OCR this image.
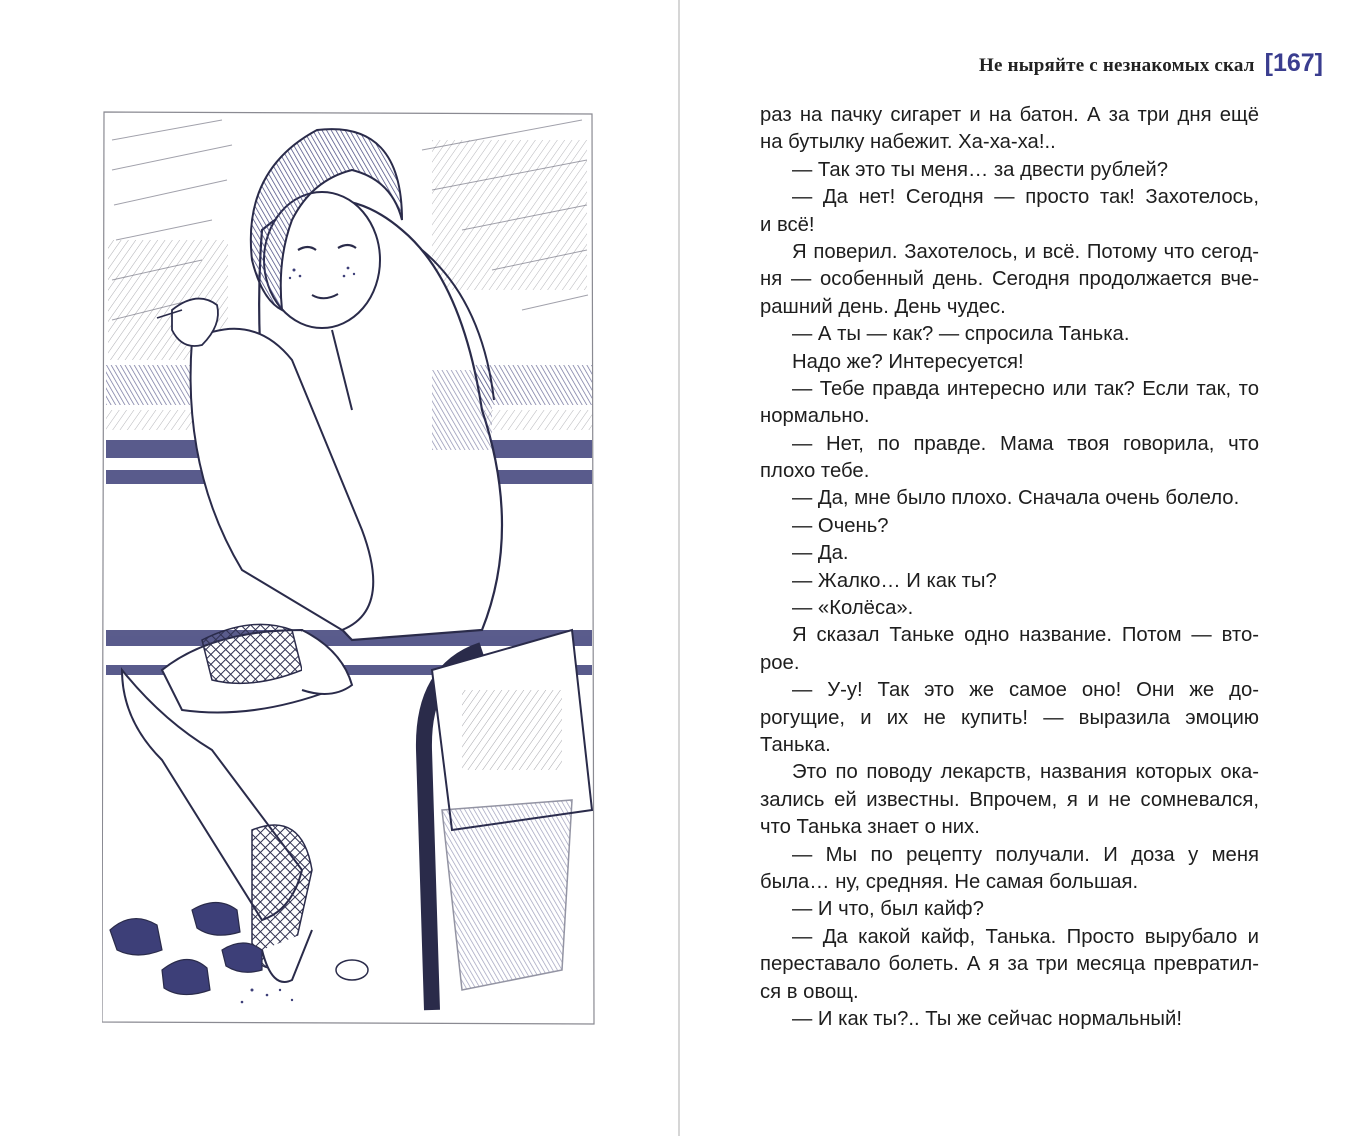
Не ныряйте с незнакомых скал [167]
раз на пачку сигарет и на батон. А за три дня ещё
на бутылку набежит. Ха-ха-ха!..
— Так это ты меня… за двести рублей?
— Да нет! Сегодня — просто так! Захотелось,
и всё!
Я поверил. Захотелось, и всё. Потому что сегод-
ня — особенный день. Сегодня продолжается вче-
рашний день. День чудес.
— А ты — как? — спросила Танька.
Надо же? Интересуется!
— Тебе правда интересно или так? Если так, то
нормально.
— Нет, по правде. Мама твоя говорила, что
плохо тебе.
— Да, мне было плохо. Сначала очень болело.
— Очень?
— Да.
— Жалко… И как ты?
— «Колёса».
Я сказал Таньке одно название. Потом — вто-
рое.
— У-у! Так это же самое оно! Они же до-
рогущие, и их не купить! — выразила эмоцию
Танька.
Это по поводу лекарств, названия которых ока-
зались ей известны. Впрочем, я и не сомневался,
что Танька знает о них.
— Мы по рецепту получали. И доза у меня
была… ну, средняя. Не самая большая.
— И что, был кайф?
— Да какой кайф, Танька. Просто вырубало и
переставало болеть. А я за три месяца превратил-
ся в овощ.
— И как ты?.. Ты же сейчас нормальный!
